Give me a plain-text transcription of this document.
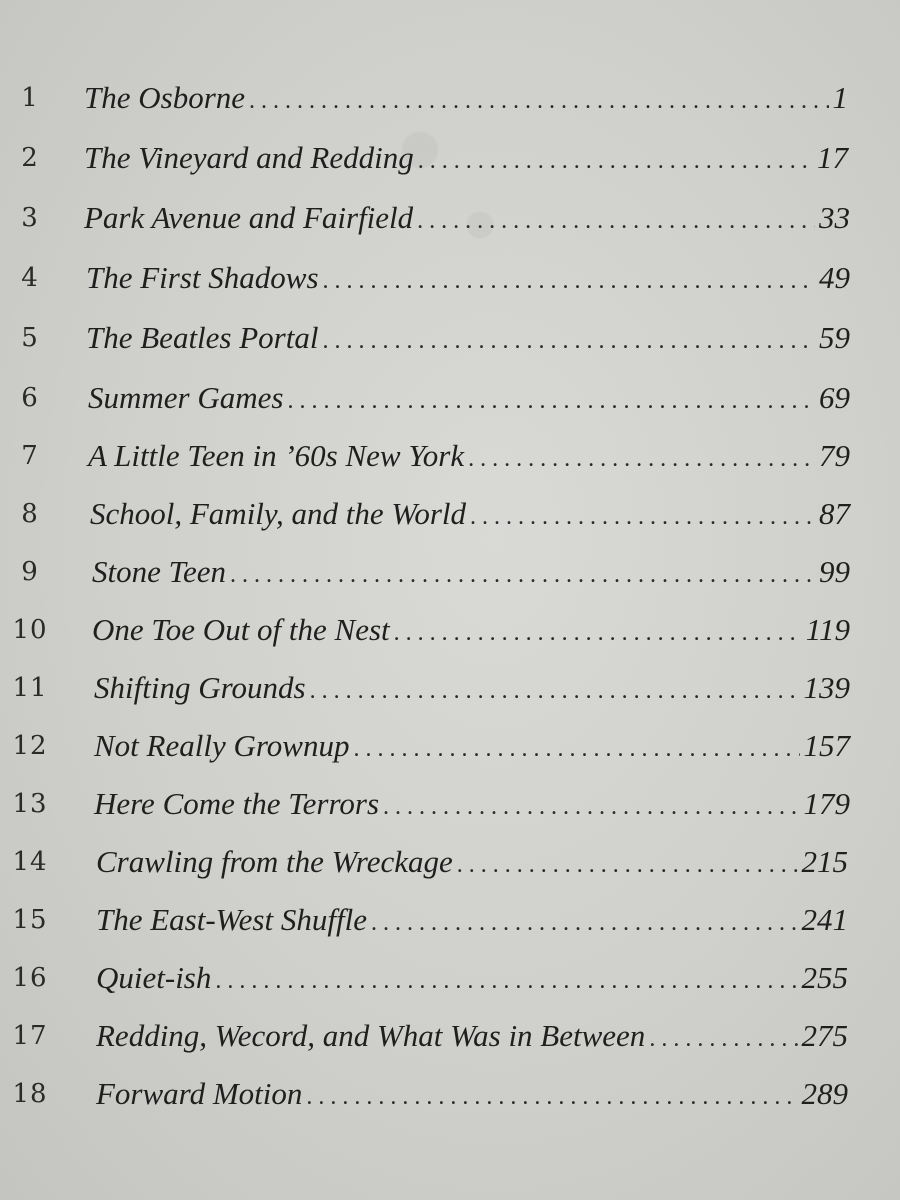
1	The Osborne . . .	1
2	The Vineyard and Redding . . .	17
3	Park Avenue and Fairfield . . .	33
4	The First Shadows . . .	49
5	The Beatles Portal . . .	59
6	Summer Games . . .	69
7	A Little Teen in ’60s New York . . .	79
8	School, Family, and the World . . .	87
9	Stone Teen . . .	99
10 One Toe Out of the Nest . . .	119
11 Shifting Grounds . . .	139
12 Not Really Grownup . . .	157
13 Here Come the Terrors . . .	179
14 Crawling from the Wreckage . . .	215
15 The East-West Shuffle . . .	241
16 Quiet-ish . . .	255
17 Redding, Wecord, and What Was in Between . . .	275
18 Forward Motion . . .	289
